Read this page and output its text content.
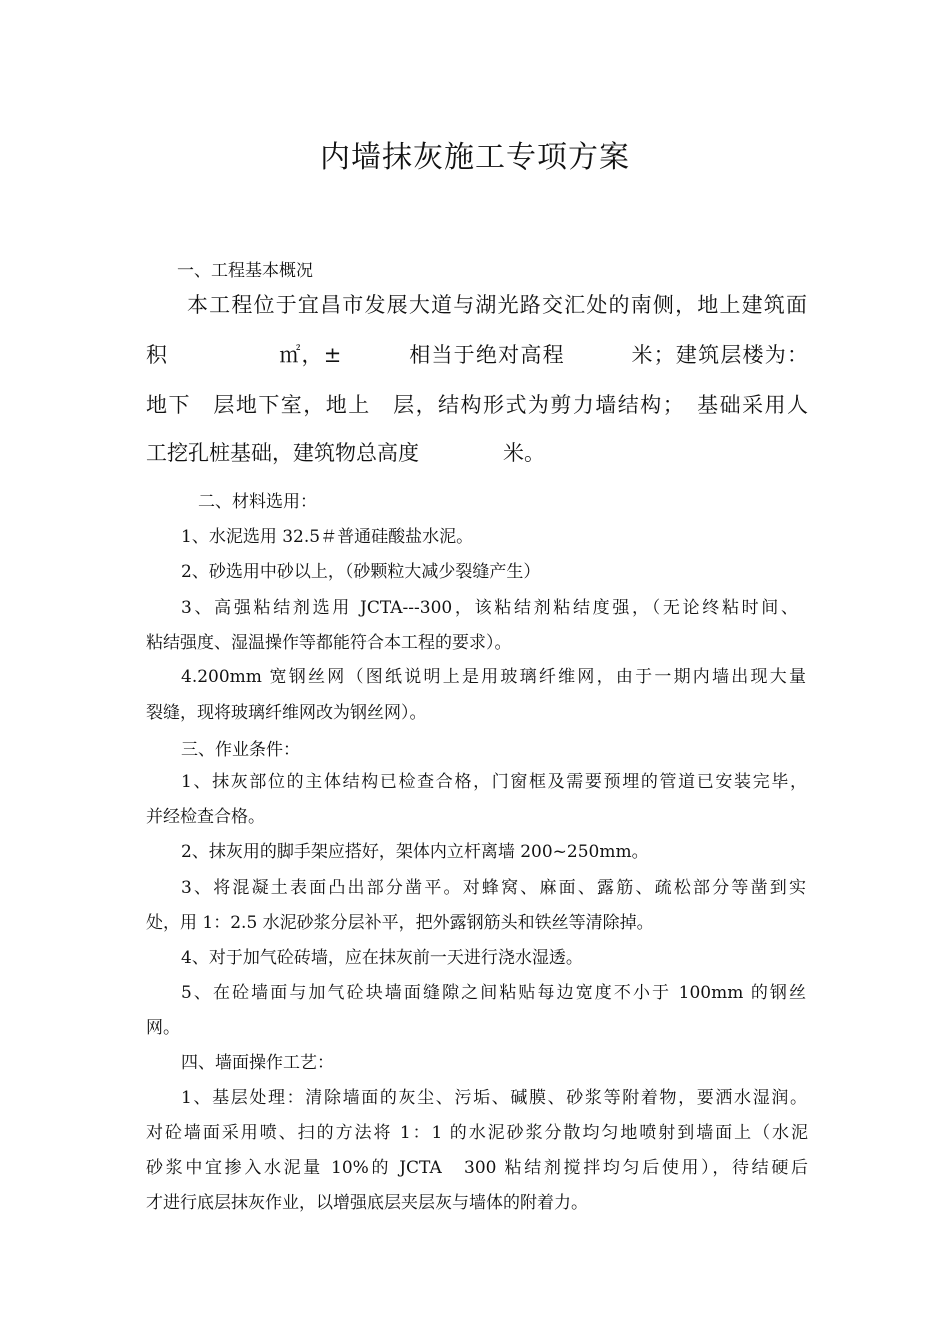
内墙抹灰施工专项方案
一、工程基本概况
本工程位于宜昌市发展大道与湖光路交汇处的南侧，地上建筑面
积　　　　　㎡，±　　　相当于绝对高程　　　米；建筑层楼为：
地下　层地下室，地上　层，结构形式为剪力墙结构；　基础采用人
工挖孔桩基础，建筑物总高度　　　　米。
二、材料选用：
1、水泥选用 32.5＃普通硅酸盐水泥。
2、砂选用中砂以上，（砂颗粒大减少裂缝产生）
3、高强粘结剂选用 JCTA---300，该粘结剂粘结度强，（无论终粘时间、
粘结强度、湿温操作等都能符合本工程的要求）。
4.200mm 宽钢丝网（图纸说明上是用玻璃纤维网，由于一期内墙出现大量
裂缝，现将玻璃纤维网改为钢丝网）。
三、作业条件：
1、抹灰部位的主体结构已检查合格，门窗框及需要预埋的管道已安装完毕，
并经检查合格。
2、抹灰用的脚手架应搭好，架体内立杆离墙 200~250mm。
3、将混凝土表面凸出部分凿平。对蜂窝、麻面、露筋、疏松部分等凿到实
处，用 1：2.5 水泥砂浆分层补平，把外露钢筋头和铁丝等清除掉。
4、对于加气砼砖墙，应在抹灰前一天进行浇水湿透。
5、在砼墙面与加气砼块墙面缝隙之间粘贴每边宽度不小于 100mm 的钢丝
网。
四、墙面操作工艺：
1、基层处理：清除墙面的灰尘、污垢、碱膜、砂浆等附着物，要洒水湿润。
对砼墙面采用喷、扫的方法将 1：1 的水泥砂浆分散均匀地喷射到墙面上（水泥
砂浆中宜掺入水泥量 10%的 JCTA　300 粘结剂搅拌均匀后使用），待结硬后
才进行底层抹灰作业，以增强底层夹层灰与墙体的附着力。
